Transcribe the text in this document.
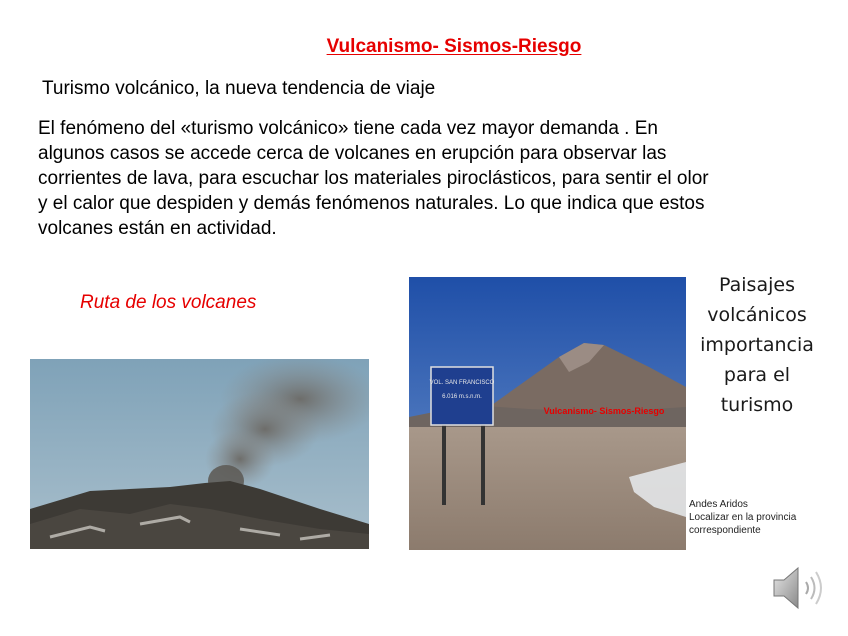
Vulcanismo- Sismos-Riesgo
Turismo volcánico, la nueva tendencia de viaje
El fenómeno del «turismo volcánico» tiene cada vez mayor demanda . En
algunos casos se accede cerca de volcanes en erupción para observar las
corrientes de lava, para escuchar los materiales piroclásticos, para sentir el olor
y el calor que despiden y demás fenómenos naturales. Lo que indica que estos
volcanes están en actividad.
Ruta de los volcanes
VOL. SAN FRANCISCO
6.016 m.s.n.m.
Vulcanismo- Sismos-Riesgo
Paisajes
volcánicos
importancia
para el
turismo
Andes Aridos
Localizar en la provincia
correspondiente
